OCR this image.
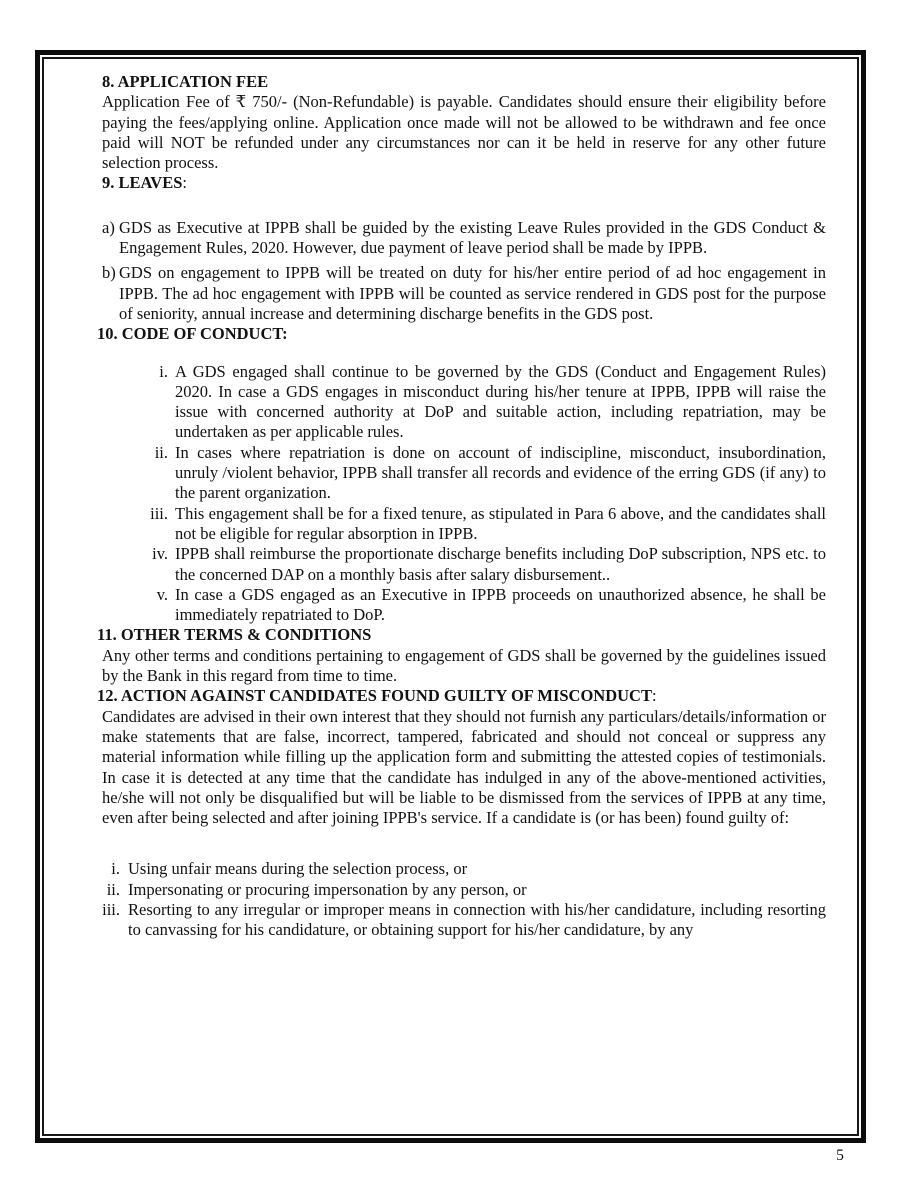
8. APPLICATION FEE

Application Fee of ₹ 750/- (Non-Refundable) is payable. Candidates should ensure their eligibility before paying the fees/applying online. Application once made will not be allowed to be withdrawn and fee once paid will NOT be refunded under any circumstances nor can it be held in reserve for any other future selection process.

9. LEAVES:
a) GDS as Executive at IPPB shall be guided by the existing Leave Rules provided in the GDS Conduct & Engagement Rules, 2020. However, due payment of leave period shall be made by IPPB.
b) GDS on engagement to IPPB will be treated on duty for his/her entire period of ad hoc engagement in IPPB. The ad hoc engagement with IPPB will be counted as service rendered in GDS post for the purpose of seniority, annual increase and determining discharge benefits in the GDS post.
10. CODE OF CONDUCT:
i. A GDS engaged shall continue to be governed by the GDS (Conduct and Engagement Rules) 2020. In case a GDS engages in misconduct during his/her tenure at IPPB, IPPB will raise the issue with concerned authority at DoP and suitable action, including repatriation, may be undertaken as per applicable rules.
ii. In cases where repatriation is done on account of indiscipline, misconduct, insubordination, unruly /violent behavior, IPPB shall transfer all records and evidence of the erring GDS (if any) to the parent organization.
iii. This engagement shall be for a fixed tenure, as stipulated in Para 6 above, and the candidates shall not be eligible for regular absorption in IPPB.
iv. IPPB shall reimburse the proportionate discharge benefits including DoP subscription, NPS etc. to the concerned DAP on a monthly basis after salary disbursement..
v. In case a GDS engaged as an Executive in IPPB proceeds on unauthorized absence, he shall be immediately repatriated to DoP.
11. OTHER TERMS & CONDITIONS

Any other terms and conditions pertaining to engagement of GDS shall be governed by the guidelines issued by the Bank in this regard from time to time.

12. ACTION AGAINST CANDIDATES FOUND GUILTY OF MISCONDUCT:

Candidates are advised in their own interest that they should not furnish any particulars/details/information or make statements that are false, incorrect, tampered, fabricated and should not conceal or suppress any material information while filling up the application form and submitting the attested copies of testimonials. In case it is detected at any time that the candidate has indulged in any of the above-mentioned activities, he/she will not only be disqualified but will be liable to be dismissed from the services of IPPB at any time, even after being selected and after joining IPPB's service. If a candidate is (or has been) found guilty of:

i. Using unfair means during the selection process, or
ii. Impersonating or procuring impersonation by any person, or
iii. Resorting to any irregular or improper means in connection with his/her candidature, including resorting to canvassing for his candidature, or obtaining support for his/her candidature, by any
5
